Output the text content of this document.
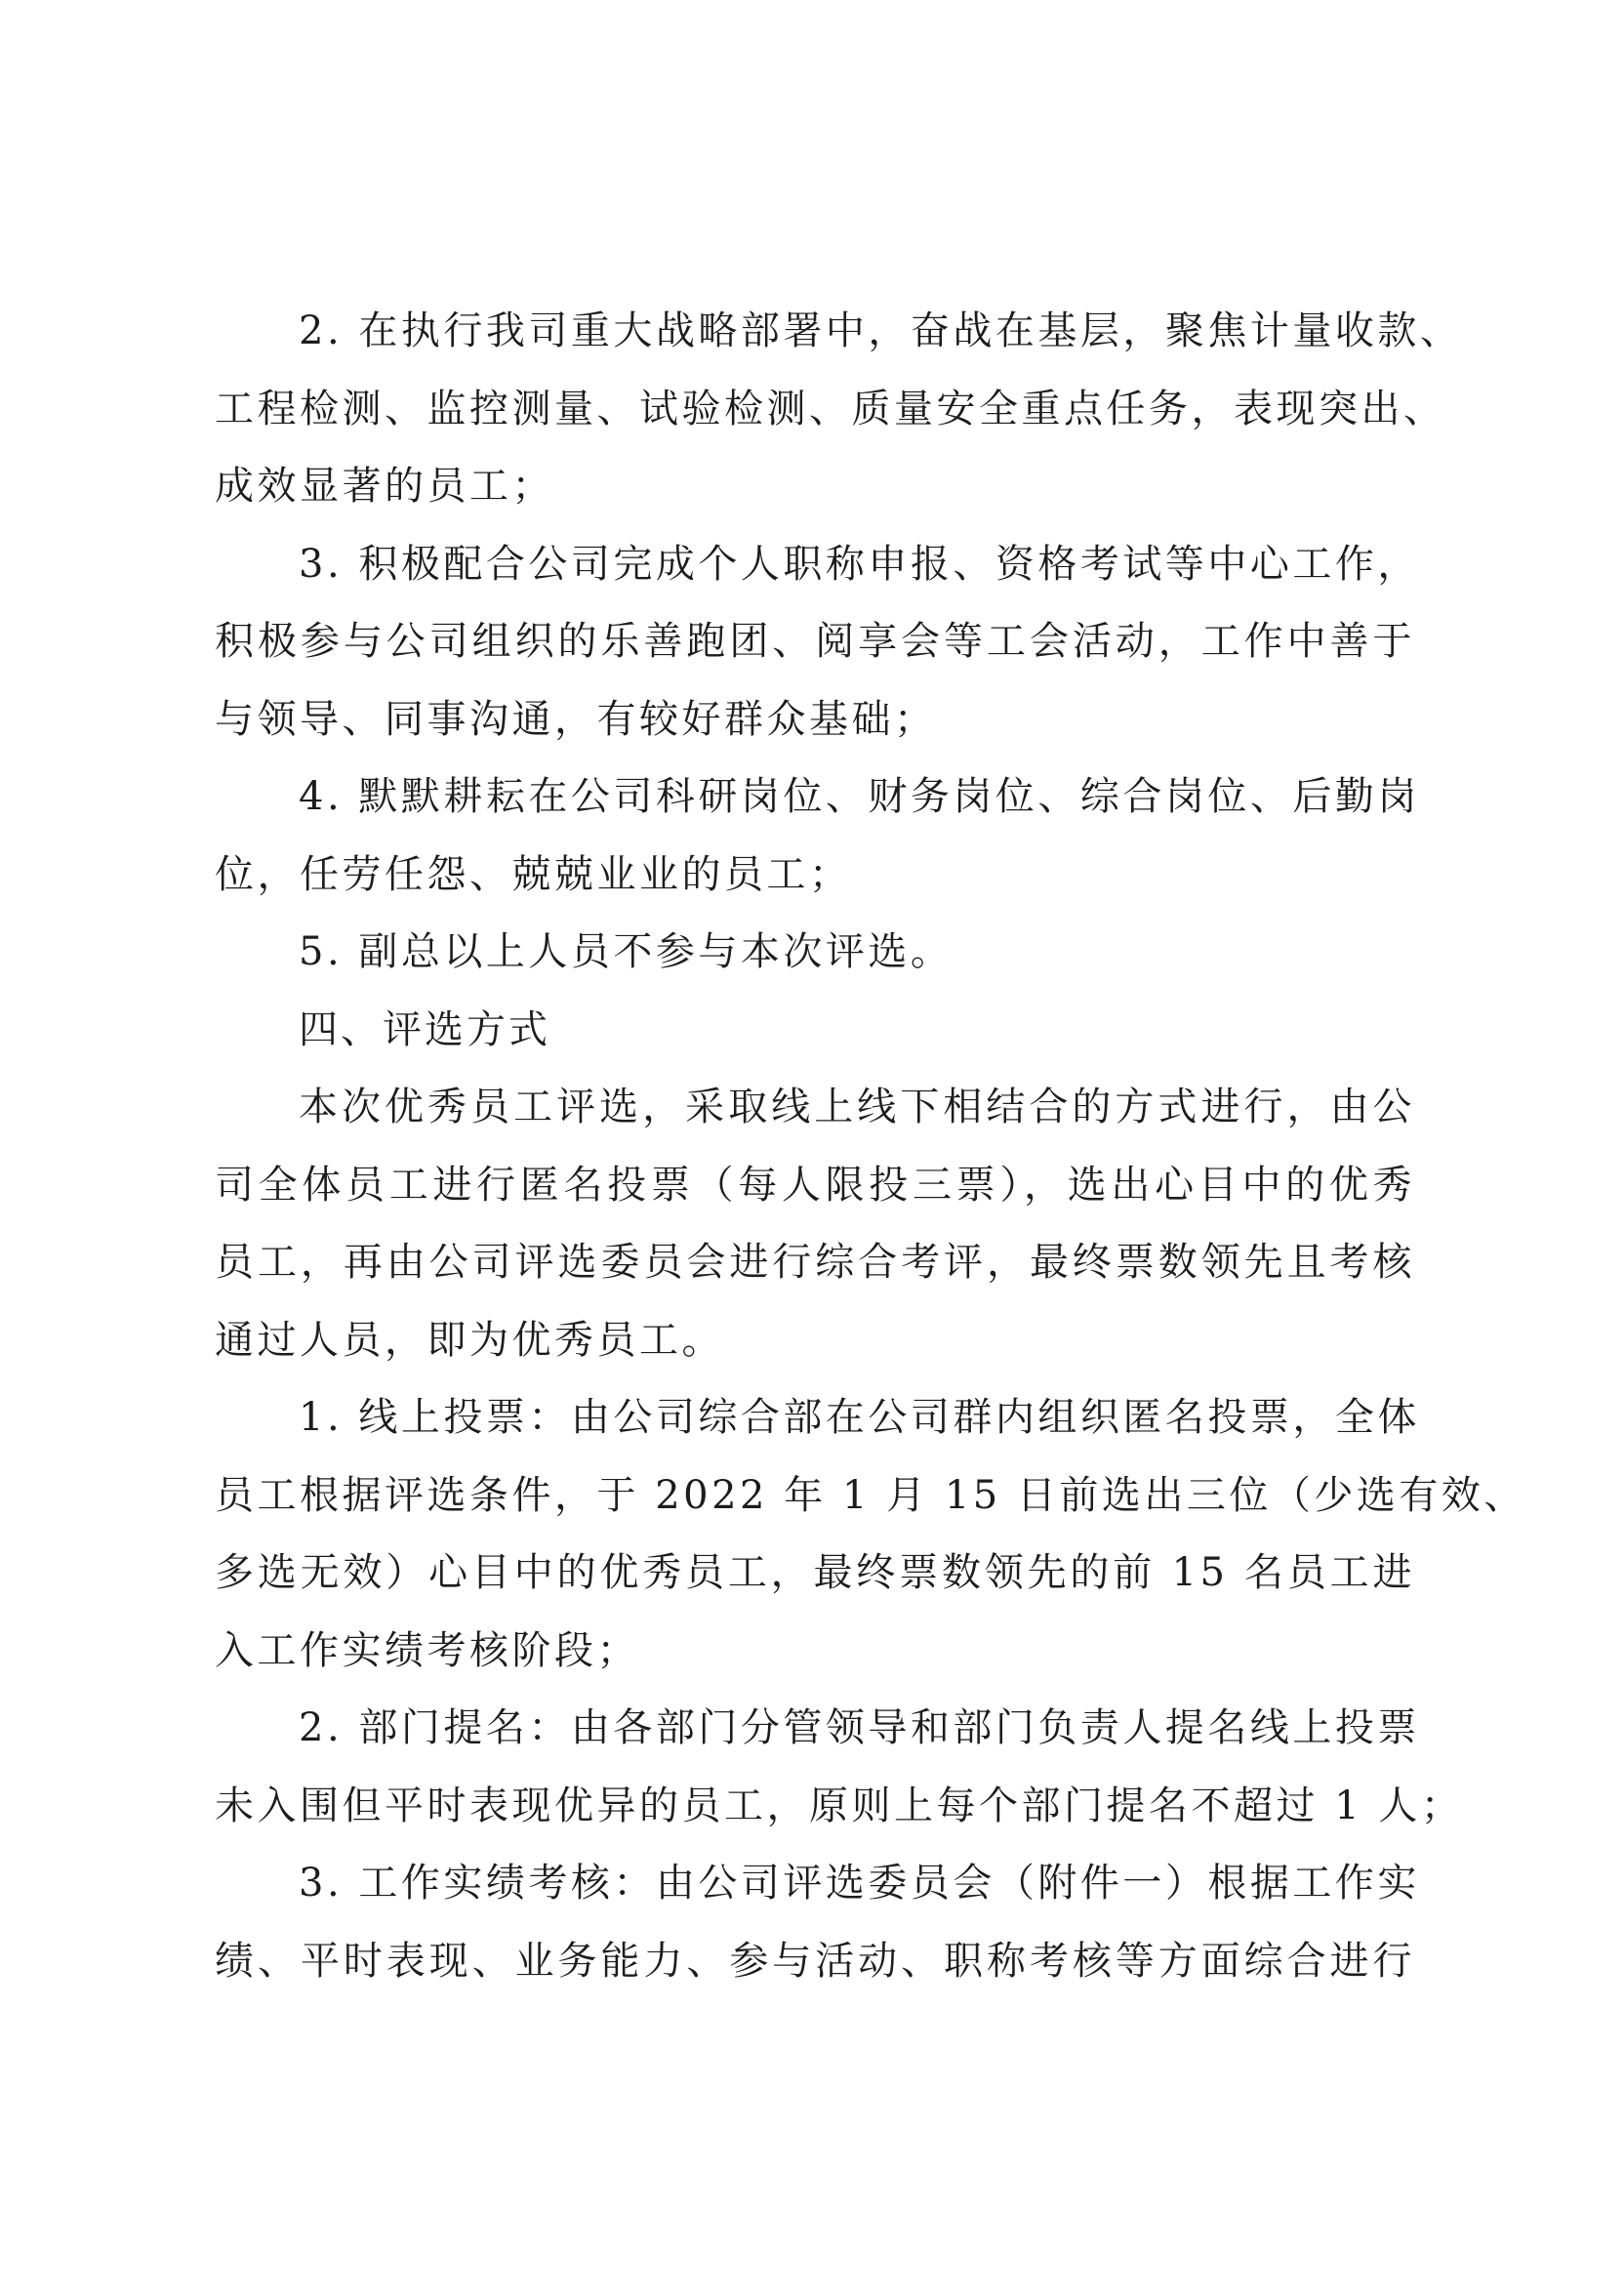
2. 在执行我司重大战略部署中，奋战在基层，聚焦计量收款、
工程检测、监控测量、试验检测、质量安全重点任务，表现突出、
成效显著的员工；
3. 积极配合公司完成个人职称申报、资格考试等中心工作，
积极参与公司组织的乐善跑团、阅享会等工会活动，工作中善于
与领导、同事沟通，有较好群众基础；
4. 默默耕耘在公司科研岗位、财务岗位、综合岗位、后勤岗
位，任劳任怨、兢兢业业的员工；
5. 副总以上人员不参与本次评选。
四、评选方式
本次优秀员工评选，采取线上线下相结合的方式进行，由公
司全体员工进行匿名投票（每人限投三票），选出心目中的优秀
员工，再由公司评选委员会进行综合考评，最终票数领先且考核
通过人员，即为优秀员工。
1. 线上投票：由公司综合部在公司群内组织匿名投票，全体
员工根据评选条件，于 2022 年 1 月 15 日前选出三位（少选有效、
多选无效）心目中的优秀员工，最终票数领先的前 15 名员工进
入工作实绩考核阶段；
2. 部门提名：由各部门分管领导和部门负责人提名线上投票
未入围但平时表现优异的员工，原则上每个部门提名不超过 1 人；
3. 工作实绩考核：由公司评选委员会（附件一）根据工作实
绩、平时表现、业务能力、参与活动、职称考核等方面综合进行
